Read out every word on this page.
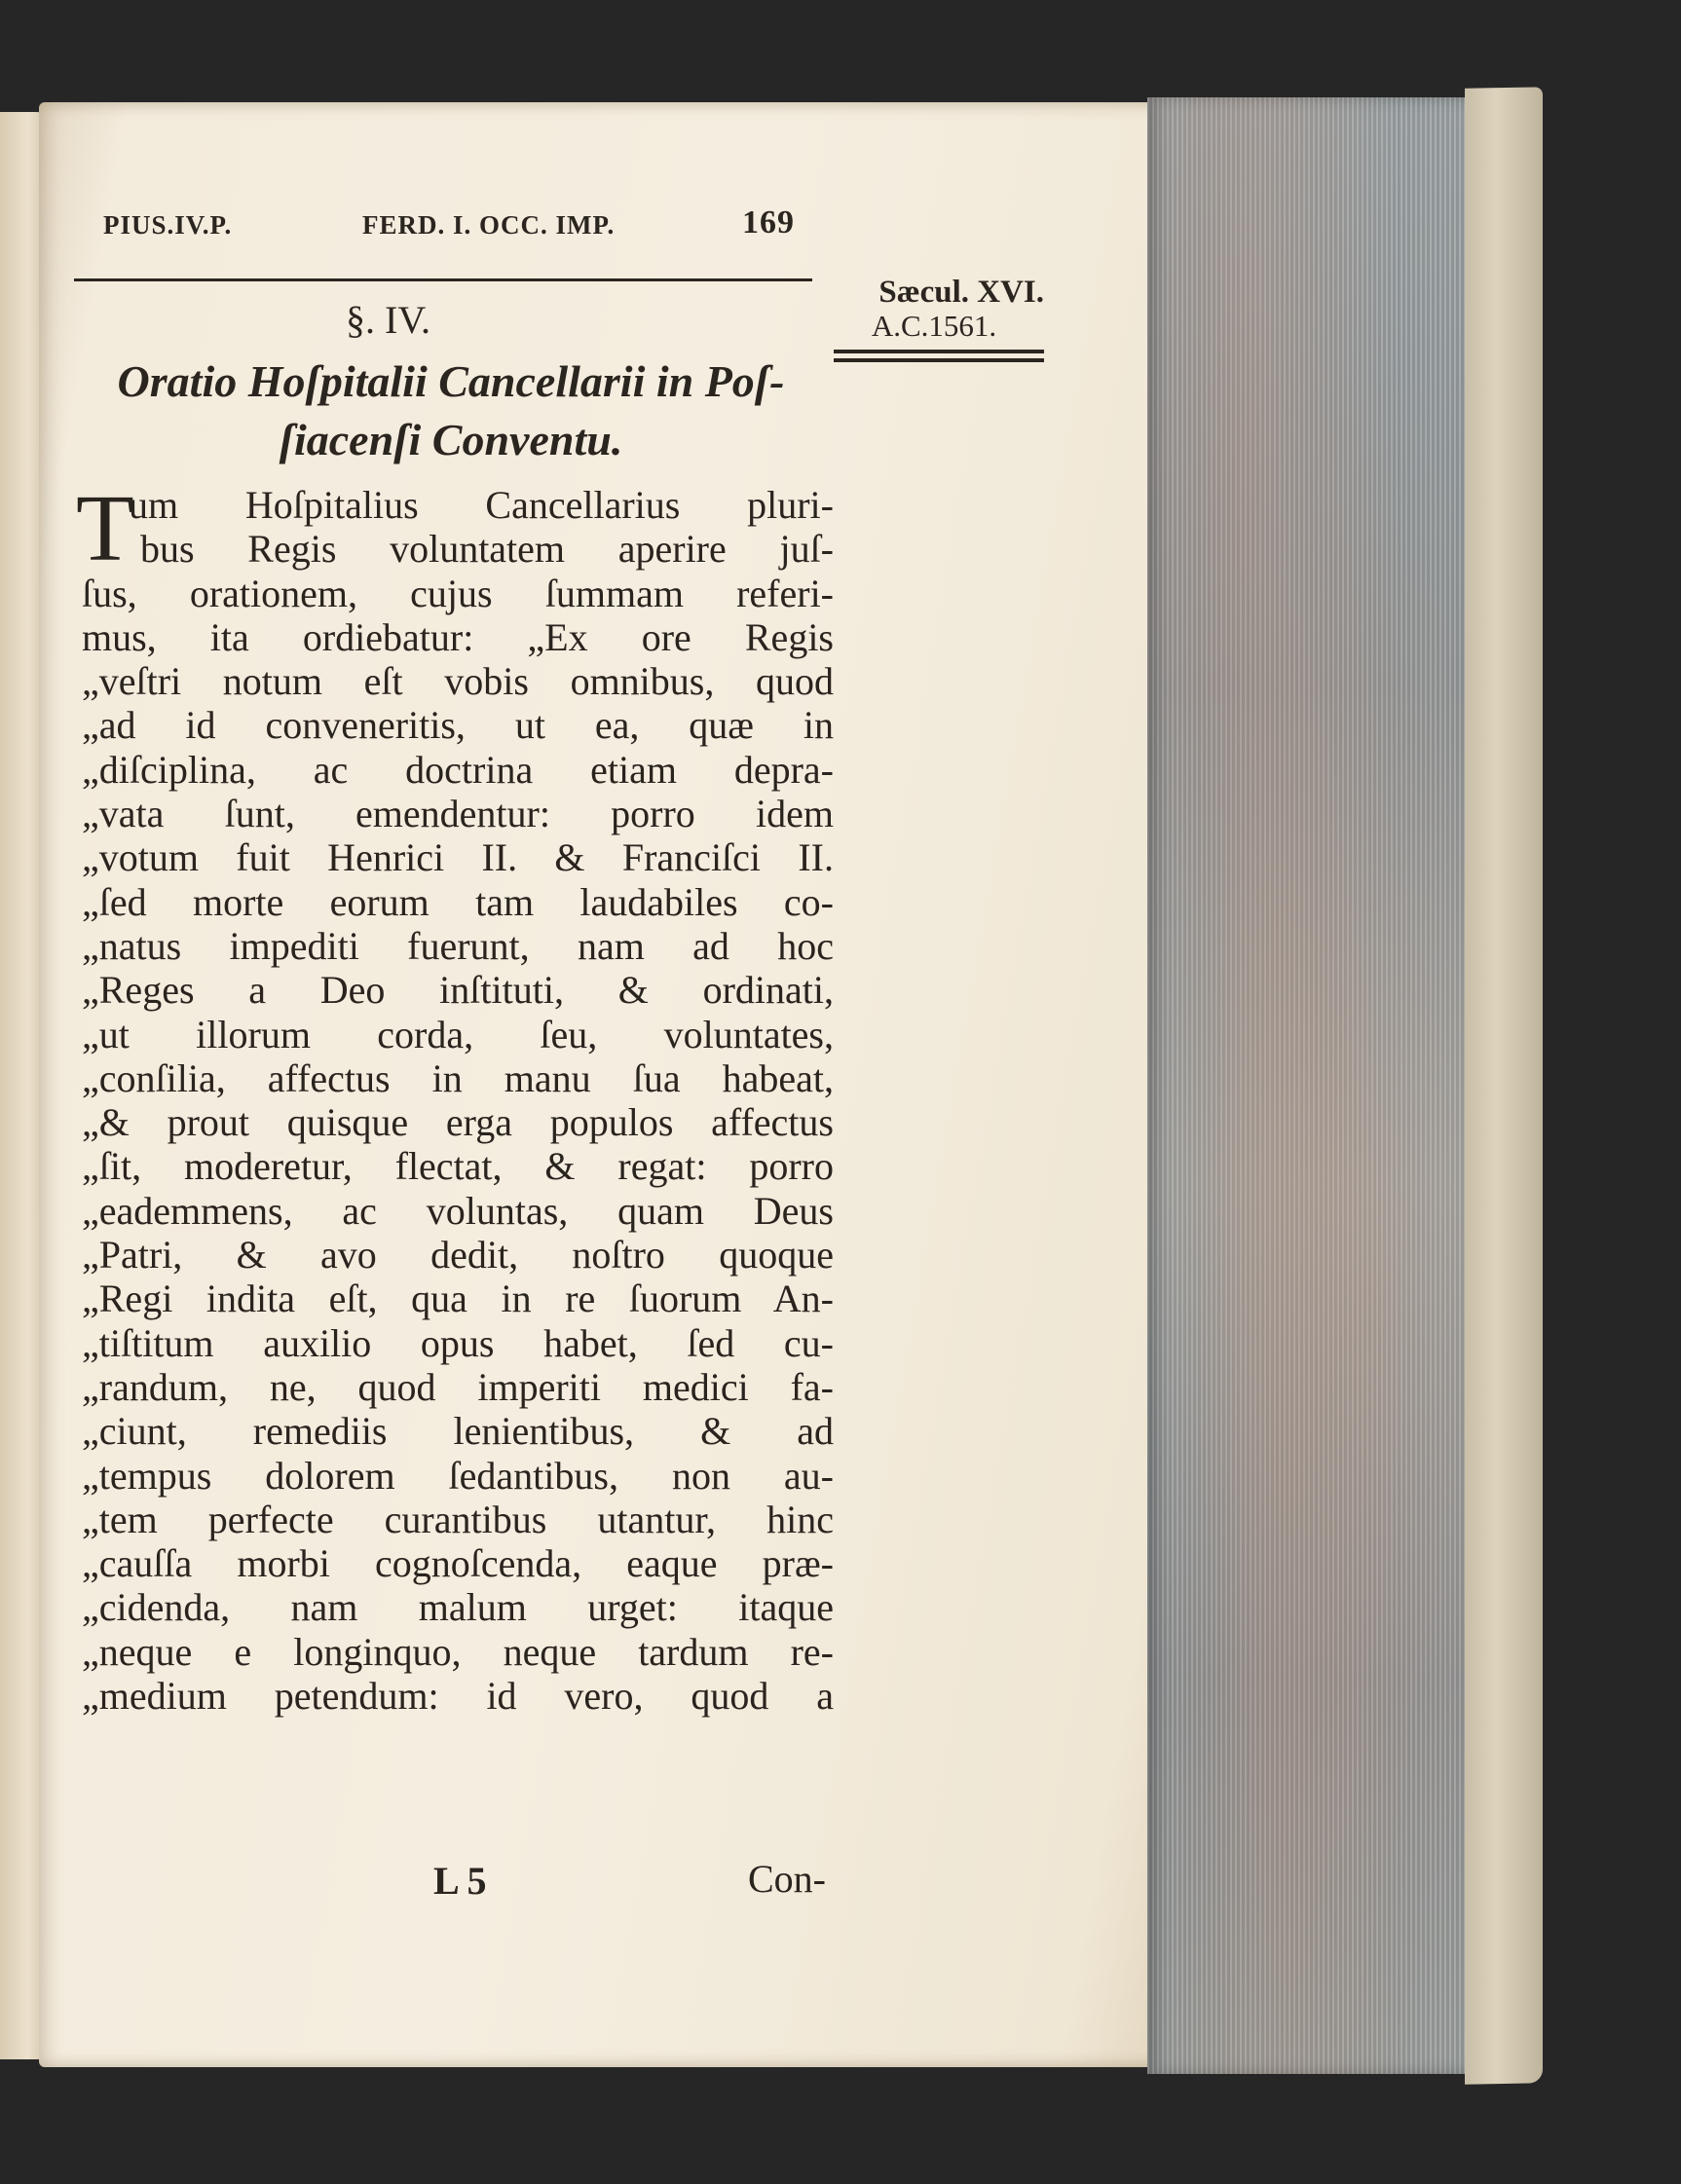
PIUS.IV.P.	FERD. I. OCC. IMP.	169
Sæcul. XVI.
A.C.1561.
§. IV.
Oratio Hoſpitalii Cancellarii in Poſ-
ſiacenſi Conventu.
T
um Hoſpitalius Cancellarius pluri-
bus Regis voluntatem aperire juſ-
ſus, orationem, cujus ſummam referi-
mus, ita ordiebatur: „Ex ore Regis
„veſtri notum eſt vobis omnibus, quod
„ad id conveneritis, ut ea, quæ in
„diſciplina, ac doctrina etiam depra-
„vata ſunt, emendentur: porro idem
„votum fuit Henrici II. & Franciſci II.
„ſed morte eorum tam laudabiles co-
„natus impediti fuerunt, nam ad hoc
„Reges a Deo inſtituti, & ordinati,
„ut illorum corda, ſeu, voluntates,
„conſilia, affectus in manu ſua habeat,
„& prout quisque erga populos affectus
„ſit, moderetur, flectat, & regat: porro
„eademmens, ac voluntas, quam Deus
„Patri, & avo dedit, noſtro quoque
„Regi indita eſt, qua in re ſuorum An-
„tiſtitum auxilio opus habet, ſed cu-
„randum, ne, quod imperiti medici fa-
„ciunt, remediis lenientibus, & ad
„tempus dolorem ſedantibus, non au-
„tem perfecte curantibus utantur, hinc
„cauſſa morbi cognoſcenda, eaque præ-
„cidenda, nam malum urget: itaque
„neque e longinquo, neque tardum re-
„medium petendum: id vero, quod a
L 5	Con-
